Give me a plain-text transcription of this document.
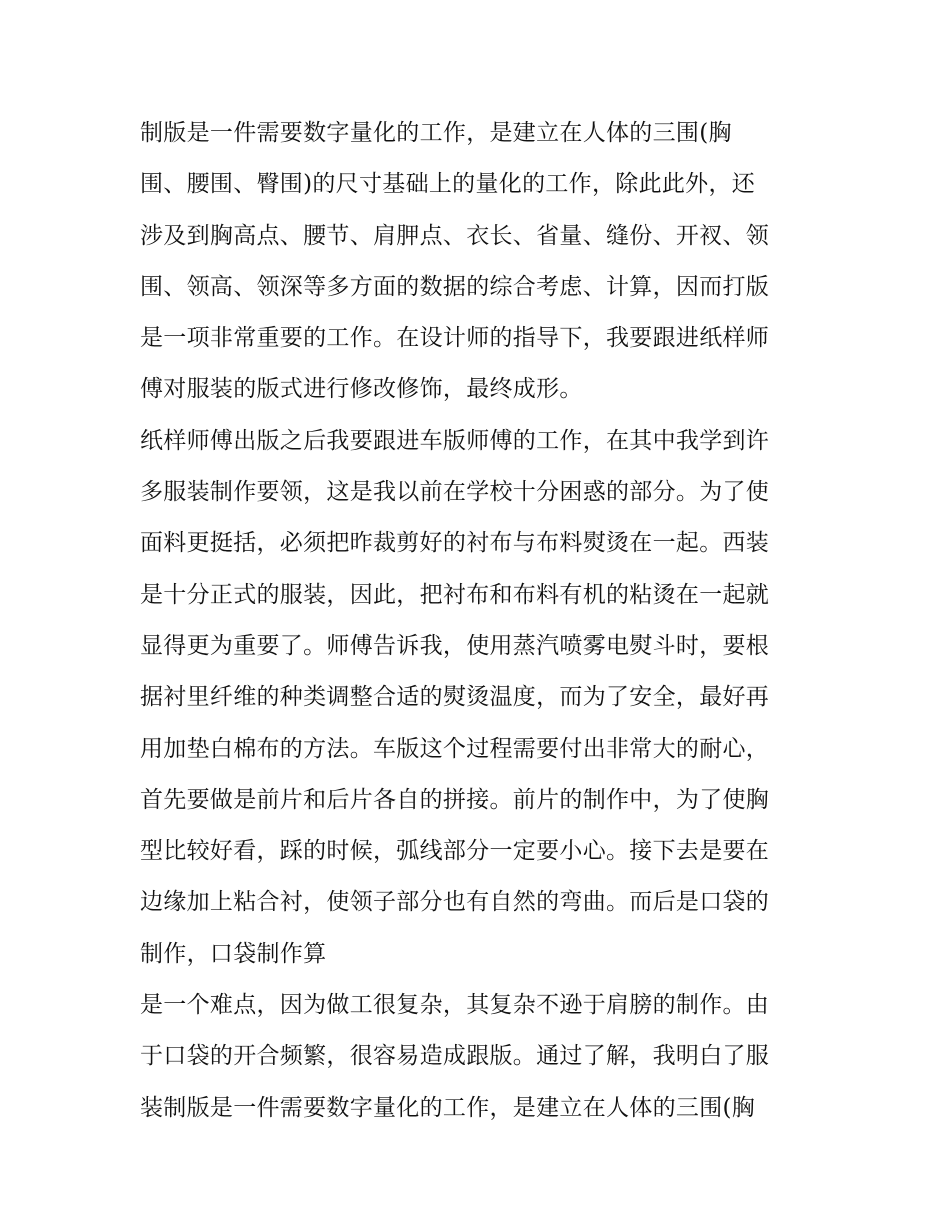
制版是一件需要数字量化的工作，是建立在人体的三围(胸
围、腰围、臀围)的尺寸基础上的量化的工作，除此此外，还
涉及到胸高点、腰节、肩胛点、衣长、省量、缝份、开衩、领
围、领高、领深等多方面的数据的综合考虑、计算，因而打版
是一项非常重要的工作。在设计师的指导下，我要跟进纸样师
傅对服装的版式进行修改修饰，最终成形。
纸样师傅出版之后我要跟进车版师傅的工作，在其中我学到许
多服装制作要领，这是我以前在学校十分困惑的部分。为了使
面料更挺括，必须把昨裁剪好的衬布与布料熨烫在一起。西装
是十分正式的服装，因此，把衬布和布料有机的粘烫在一起就
显得更为重要了。师傅告诉我，使用蒸汽喷雾电熨斗时，要根
据衬里纤维的种类调整合适的熨烫温度，而为了安全，最好再
用加垫白棉布的方法。车版这个过程需要付出非常大的耐心，
首先要做是前片和后片各自的拼接。前片的制作中，为了使胸
型比较好看，踩的时候，弧线部分一定要小心。接下去是要在
边缘加上粘合衬，使领子部分也有自然的弯曲。而后是口袋的
制作，口袋制作算
是一个难点，因为做工很复杂，其复杂不逊于肩膀的制作。由
于口袋的开合频繁，很容易造成跟版。通过了解，我明白了服
装制版是一件需要数字量化的工作，是建立在人体的三围(胸
